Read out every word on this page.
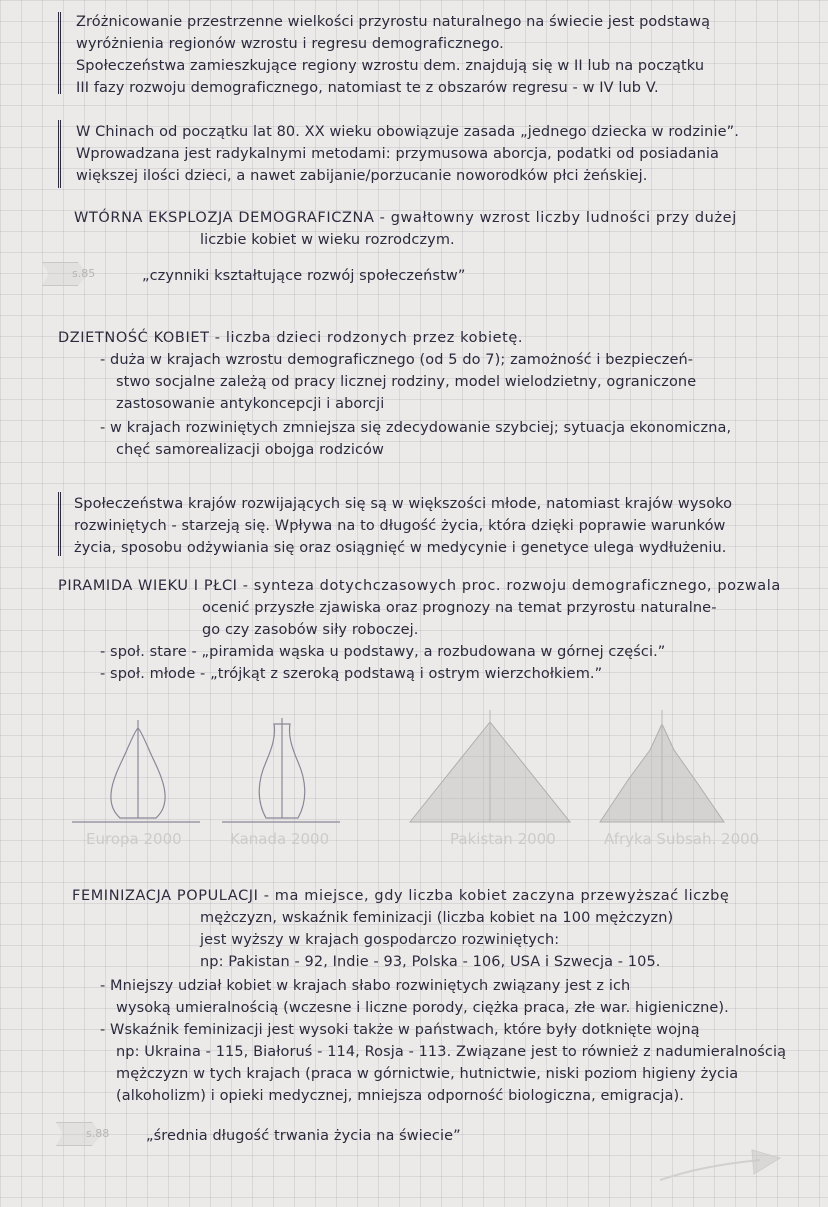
Zróżnicowanie przestrzenne wielkości przyrostu naturalnego na świecie jest podstawą
wyróżnienia regionów wzrostu i regresu demograficznego.
Społeczeństwa zamieszkujące regiony wzrostu dem. znajdują się w II lub na początku
III fazy rozwoju demograficznego, natomiast te z obszarów regresu - w IV lub V.
W Chinach od początku lat 80. XX wieku obowiązuje zasada „jednego dziecka w rodzinie”.
Wprowadzana jest radykalnymi metodami: przymusowa aborcja, podatki od posiadania
większej ilości dzieci, a nawet zabijanie/porzucanie noworodków płci żeńskiej.
WTÓRNA EKSPLOZJA DEMOGRAFICZNA - gwałtowny wzrost liczby ludności przy dużej
liczbie kobiet w wieku rozrodczym.
s.85	„czynniki kształtujące rozwój społeczeństw”
DZIETNOŚĆ KOBIET - liczba dzieci rodzonych przez kobietę.
- duża w krajach wzrostu demograficznego (od 5 do 7); zamożność i bezpieczeń-
stwo socjalne zależą od pracy licznej rodziny, model wielodzietny, ograniczone
zastosowanie antykoncepcji i aborcji
- w krajach rozwiniętych zmniejsza się zdecydowanie szybciej; sytuacja ekonomiczna,
chęć samorealizacji obojga rodziców
Społeczeństwa krajów rozwijających się są w większości młode, natomiast krajów wysoko
rozwiniętych - starzeją się. Wpływa na to długość życia, która dzięki poprawie warunków
życia, sposobu odżywiania się oraz osiągnięć w medycynie i genetyce ulega wydłużeniu.
PIRAMIDA WIEKU I PŁCI - synteza dotychczasowych proc. rozwoju demograficznego, pozwala
ocenić przyszłe zjawiska oraz prognozy na temat przyrostu naturalne-
go czy zasobów siły roboczej.
- społ. stare - „piramida wąska u podstawy, a rozbudowana w górnej części.”
- społ. młode - „trójkąt z szeroką podstawą i ostrym wierzchołkiem.”
Europa 2000	Kanada 2000	Pakistan 2000	Afryka Subsah. 2000
FEMINIZACJA POPULACJI - ma miejsce, gdy liczba kobiet zaczyna przewyższać liczbę
mężczyzn, wskaźnik feminizacji (liczba kobiet na 100 mężczyzn)
jest wyższy w krajach gospodarczo rozwiniętych:
np: Pakistan - 92, Indie - 93, Polska - 106, USA i Szwecja - 105.
- Mniejszy udział kobiet w krajach słabo rozwiniętych związany jest z ich
wysoką umieralnością (wczesne i liczne porody, ciężka praca, złe war. higieniczne).
- Wskaźnik feminizacji jest wysoki także w państwach, które były dotknięte wojną
np: Ukraina - 115, Białoruś - 114, Rosja - 113. Związane jest to również z nadumieralnością
mężczyzn w tych krajach (praca w górnictwie, hutnictwie, niski poziom higieny życia
(alkoholizm) i opieki medycznej, mniejsza odporność biologiczna, emigracja).
s.88	„średnia długość trwania życia na świecie”
